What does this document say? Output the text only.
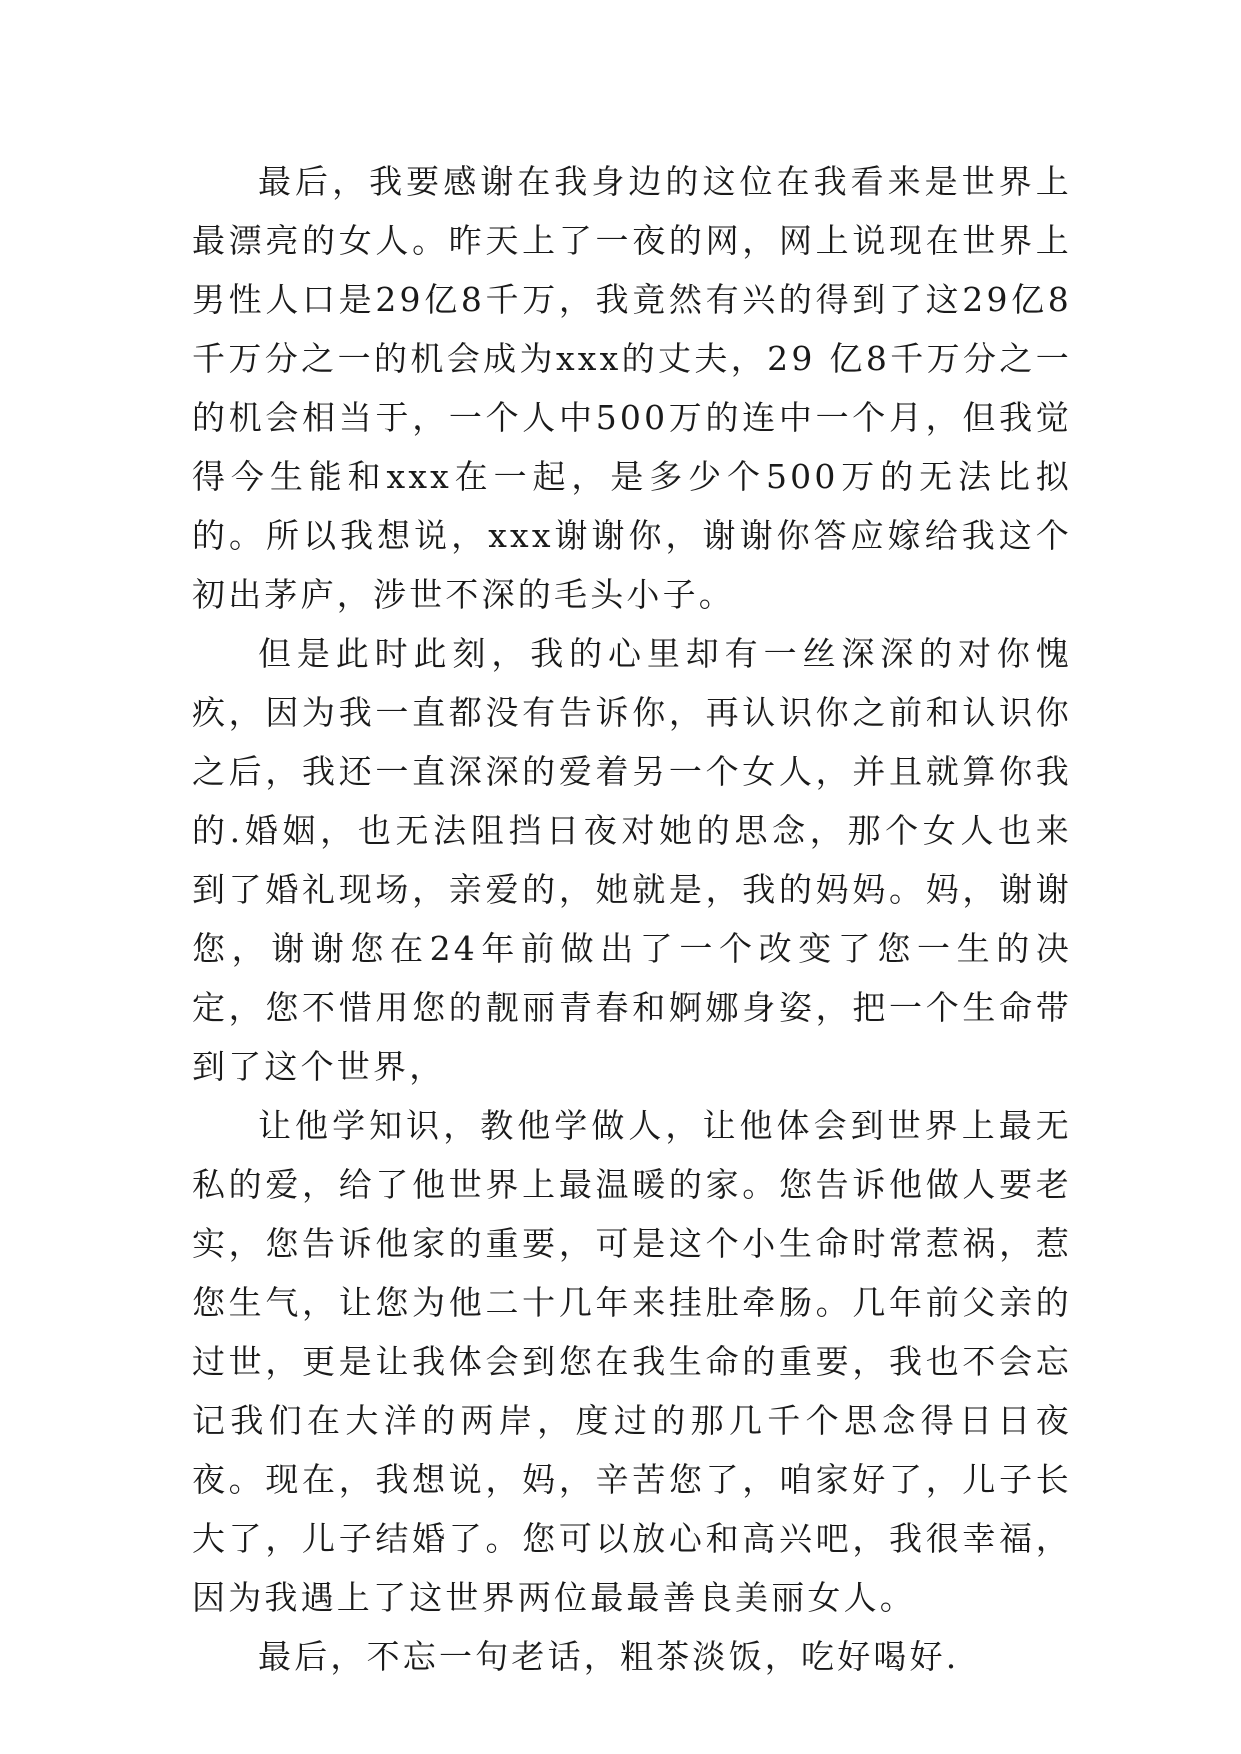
最后，我要感谢在我身边的这位在我看来是世界上最漂亮的女人。昨天上了一夜的网，网上说现在世界上男性人口是29亿8千万，我竟然有兴的得到了这29亿8千万分之一的机会成为xxx的丈夫，29 亿8千万分之一的机会相当于，一个人中500万的连中一个月，但我觉得今生能和xxx在一起，是多少个500万的无法比拟的。所以我想说，xxx谢谢你，谢谢你答应嫁给我这个初出茅庐，涉世不深的毛头小子。

但是此时此刻，我的心里却有一丝深深的对你愧疚，因为我一直都没有告诉你，再认识你之前和认识你之后，我还一直深深的爱着另一个女人，并且就算你我的.婚姻，也无法阻挡日夜对她的思念，那个女人也来到了婚礼现场，亲爱的，她就是，我的妈妈。妈，谢谢您，谢谢您在24年前做出了一个改变了您一生的决定，您不惜用您的靓丽青春和婀娜身姿，把一个生命带到了这个世界，

让他学知识，教他学做人，让他体会到世界上最无私的爱，给了他世界上最温暖的家。您告诉他做人要老实，您告诉他家的重要，可是这个小生命时常惹祸，惹您生气，让您为他二十几年来挂肚牵肠。几年前父亲的过世，更是让我体会到您在我生命的重要，我也不会忘记我们在大洋的两岸，度过的那几千个思念得日日夜夜。现在，我想说，妈，辛苦您了，咱家好了，儿子长大了，儿子结婚了。您可以放心和高兴吧，我很幸福，因为我遇上了这世界两位最最善良美丽女人。

最后，不忘一句老话，粗茶淡饭，吃好喝好.
